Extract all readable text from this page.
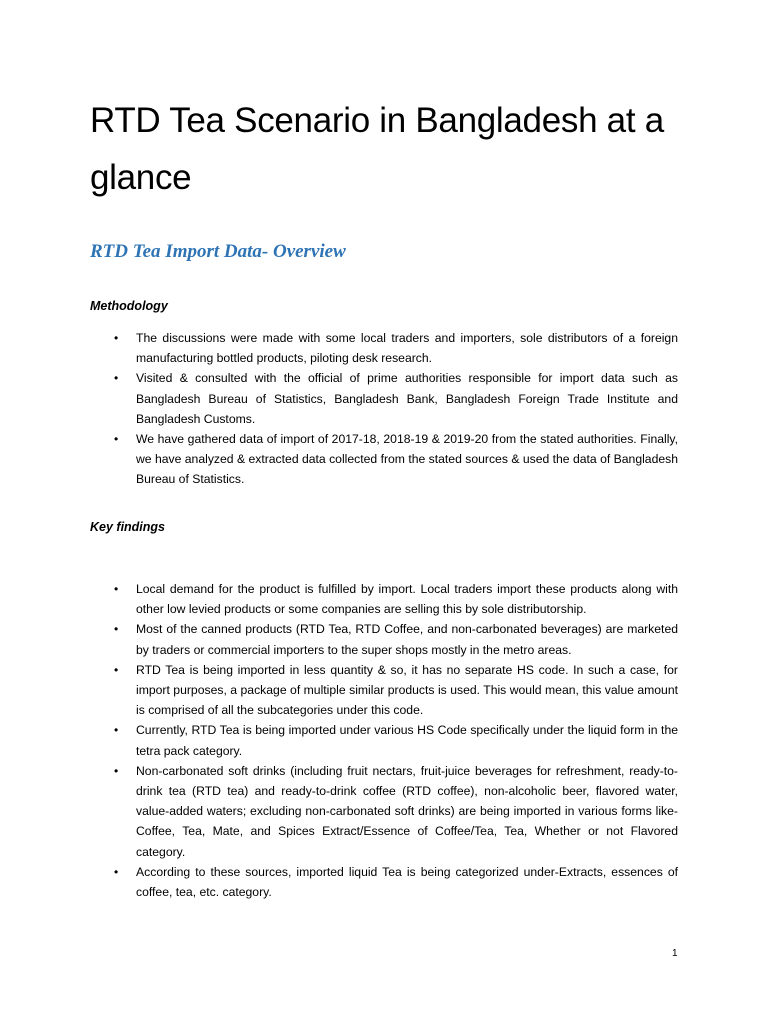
RTD Tea Scenario in Bangladesh at a glance
RTD Tea Import Data- Overview

Methodology

• The discussions were made with some local traders and importers, sole distributors of a foreign manufacturing bottled products, piloting desk research.
• Visited & consulted with the official of prime authorities responsible for import data such as Bangladesh Bureau of Statistics, Bangladesh Bank, Bangladesh Foreign Trade Institute and Bangladesh Customs.
• We have gathered data of import of 2017-18, 2018-19 & 2019-20 from the stated authorities. Finally, we have analyzed & extracted data collected from the stated sources & used the data of Bangladesh Bureau of Statistics.

Key findings

• Local demand for the product is fulfilled by import. Local traders import these products along with other low levied products or some companies are selling this by sole distributorship.
• Most of the canned products (RTD Tea, RTD Coffee, and non-carbonated beverages) are marketed by traders or commercial importers to the super shops mostly in the metro areas.
• RTD Tea is being imported in less quantity & so, it has no separate HS code. In such a case, for import purposes, a package of multiple similar products is used. This would mean, this value amount is comprised of all the subcategories under this code.
• Currently, RTD Tea is being imported under various HS Code specifically under the liquid form in the tetra pack category.
• Non-carbonated soft drinks (including fruit nectars, fruit-juice beverages for refreshment, ready-to-drink tea (RTD tea) and ready-to-drink coffee (RTD coffee), non-alcoholic beer, flavored water, value-added waters; excluding non-carbonated soft drinks) are being imported in various forms like-Coffee, Tea, Mate, and Spices Extract/Essence of Coffee/Tea, Tea, Whether or not Flavored category.
• According to these sources, imported liquid Tea is being categorized under-Extracts, essences of coffee, tea, etc. category.
1
